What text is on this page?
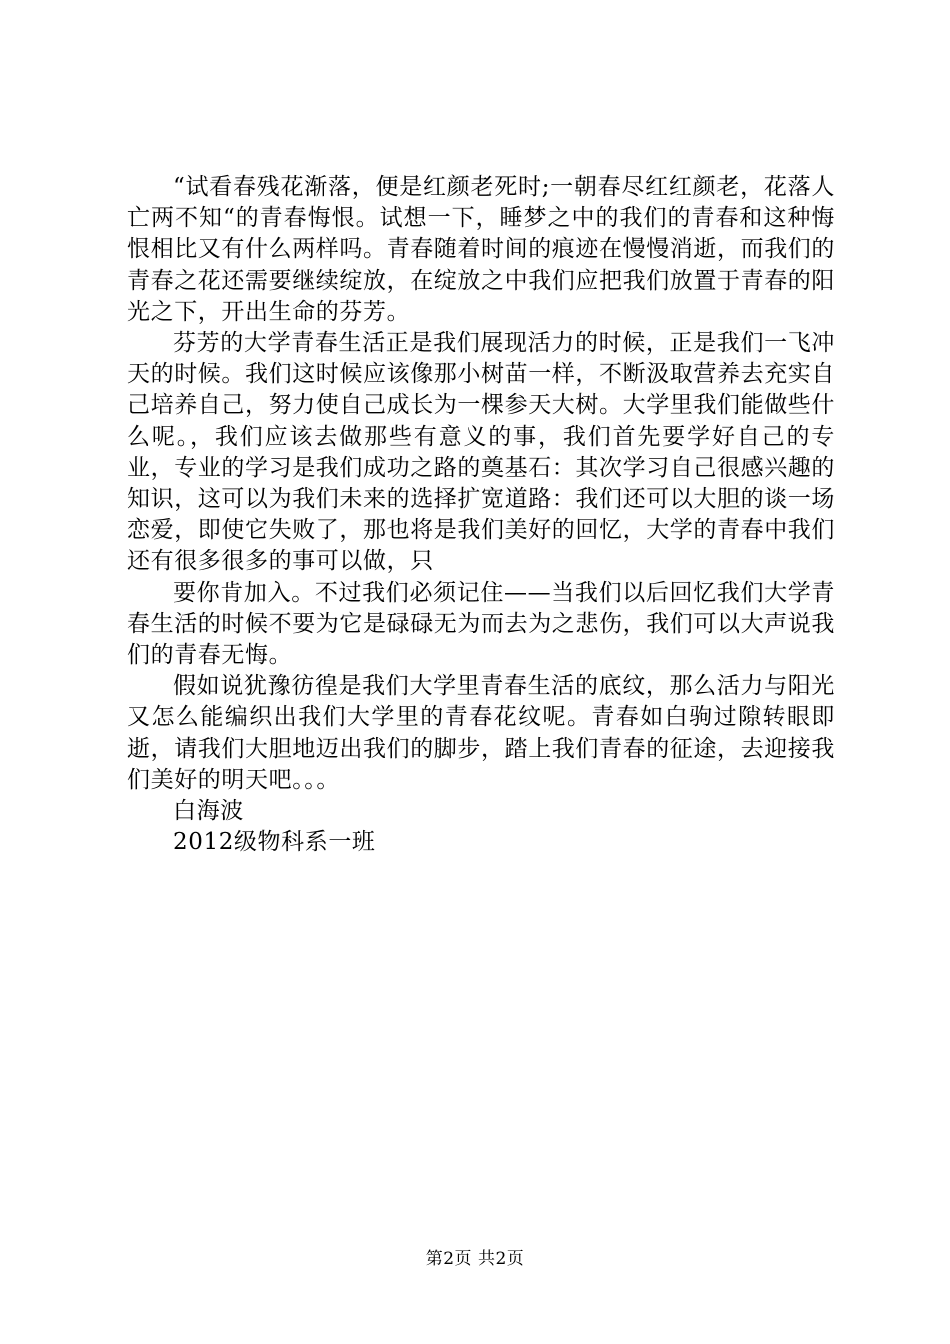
“试看春残花渐落，便是红颜老死时;一朝春尽红红颜老，花落人亡两不知“的青春悔恨。试想一下，睡梦之中的我们的青春和这种悔恨相比又有什么两样吗。青春随着时间的痕迹在慢慢消逝，而我们的青春之花还需要继续绽放，在绽放之中我们应把我们放置于青春的阳光之下，开出生命的芬芳。

芬芳的大学青春生活正是我们展现活力的时候，正是我们一飞冲天的时候。我们这时候应该像那小树苗一样，不断汲取营养去充实自己培养自己，努力使自己成长为一棵参天大树。大学里我们能做些什么呢。，我们应该去做那些有意义的事，我们首先要学好自己的专业，专业的学习是我们成功之路的奠基石：其次学习自己很感兴趣的知识，这可以为我们未来的选择扩宽道路：我们还可以大胆的谈一场恋爱，即使它失败了，那也将是我们美好的回忆，大学的青春中我们还有很多很多的事可以做，只

要你肯加入。不过我们必须记住——当我们以后回忆我们大学青春生活的时候不要为它是碌碌无为而去为之悲伤，我们可以大声说我们的青春无悔。

假如说犹豫彷徨是我们大学里青春生活的底纹，那么活力与阳光又怎么能编织出我们大学里的青春花纹呢。青春如白驹过隙转眼即逝，请我们大胆地迈出我们的脚步，踏上我们青春的征途，去迎接我们美好的明天吧。。。

白海波

2012级物科系一班

第2页 共2页
